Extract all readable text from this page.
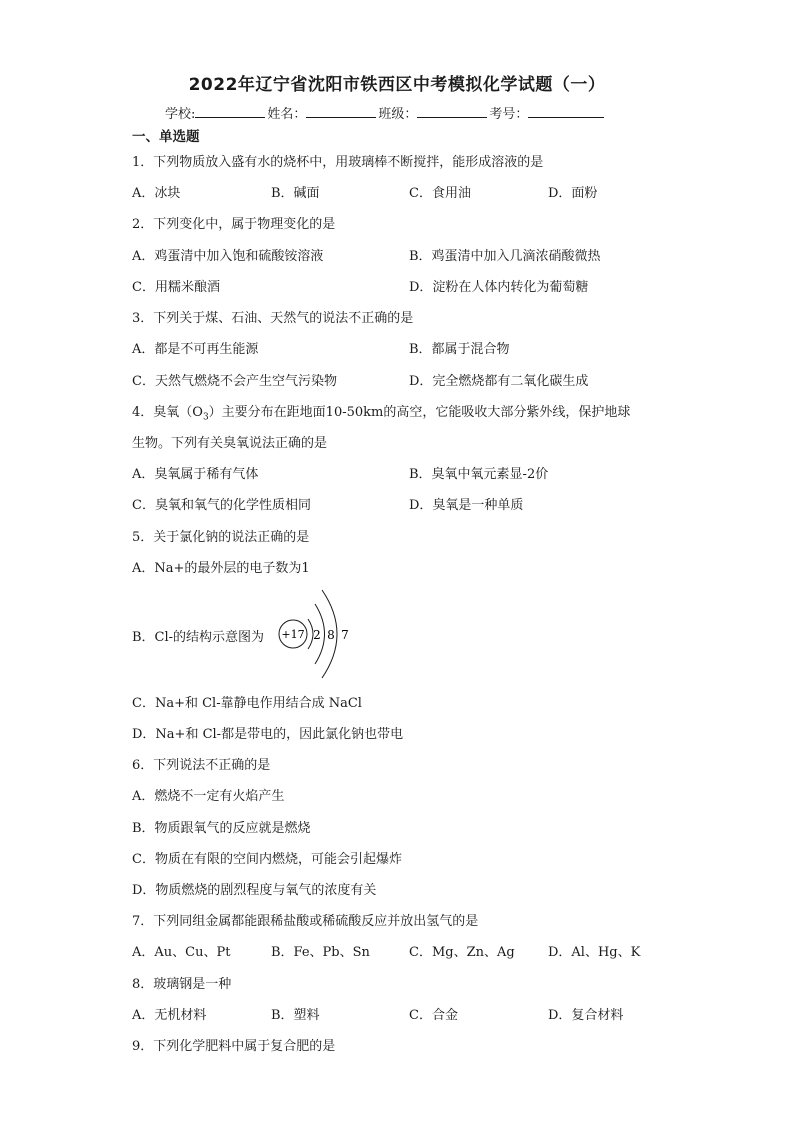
2022年辽宁省沈阳市铁西区中考模拟化学试题（一）
学校:	姓名：	班级：	考号：
一、单选题
1．下列物质放入盛有水的烧杯中，用玻璃棒不断搅拌，能形成溶液的是
A．冰块	B．碱面	C．食用油	D．面粉
2．下列变化中，属于物理变化的是
A．鸡蛋清中加入饱和硫酸铵溶液	B．鸡蛋清中加入几滴浓硝酸微热
C．用糯米酿酒	D．淀粉在人体内转化为葡萄糖
3．下列关于煤、石油、天然气的说法不正确的是
A．都是不可再生能源	B．都属于混合物
C．天然气燃烧不会产生空气污染物	D．完全燃烧都有二氧化碳生成
4．臭氧$(O_3)$主要分布在距地面10-50km的高空，它能吸收大部分紫外线，保护地球
生物。下列有关臭氧说法正确的是
A．臭氧属于稀有气体	B．臭氧中氧元素显-2价
C．臭氧和氧气的化学性质相同	D．臭氧是一种单质
5．关于氯化钠的说法正确的是
A．Na+的最外层的电子数为1
B．Cl-的结构示意图为 +17 2 8 7
C．Na+和 Cl-靠静电作用结合成 NaCl
D．Na+和 Cl-都是带电的，因此氯化钠也带电
6．下列说法不正确的是
A．燃烧不一定有火焰产生
B．物质跟氧气的反应就是燃烧
C．物质在有限的空间内燃烧，可能会引起爆炸
D．物质燃烧的剧烈程度与氧气的浓度有关
7．下列同组金属都能跟稀盐酸或稀硫酸反应并放出氢气的是
A．Au、Cu、Pt	B．Fe、Pb、Sn	C．Mg、Zn、Ag	D．Al、Hg、K
8．玻璃钢是一种
A．无机材料	B．塑料	C．合金	D．复合材料
9．下列化学肥料中属于复合肥的是
